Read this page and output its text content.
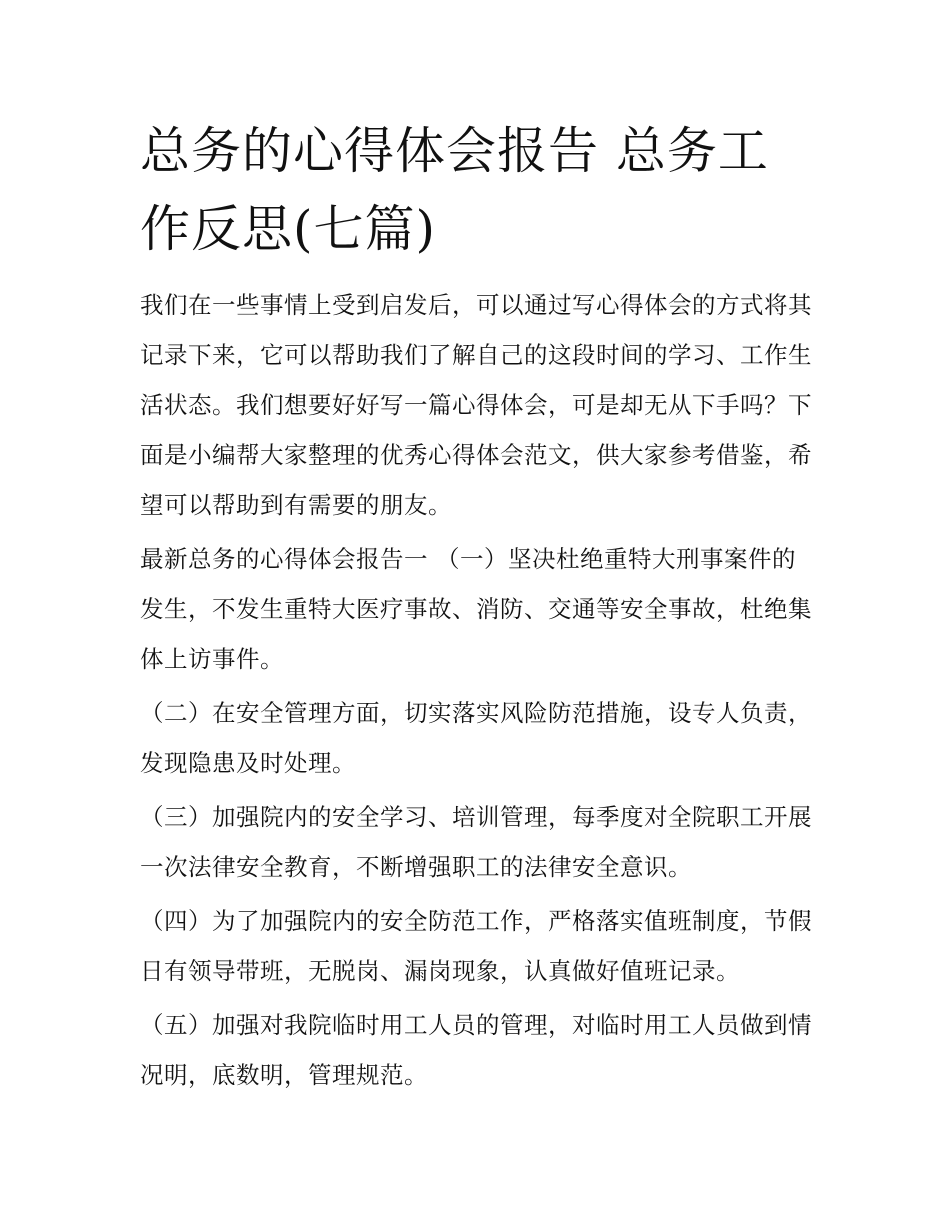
总务的心得体会报告 总务工作反思(七篇)

我们在一些事情上受到启发后，可以通过写心得体会的方式将其记录下来，它可以帮助我们了解自己的这段时间的学习、工作生活状态。我们想要好好写一篇心得体会，可是却无从下手吗？下面是小编帮大家整理的优秀心得体会范文，供大家参考借鉴，希望可以帮助到有需要的朋友。

最新总务的心得体会报告一 （一）坚决杜绝重特大刑事案件的发生，不发生重特大医疗事故、消防、交通等安全事故，杜绝集体上访事件。

（二）在安全管理方面，切实落实风险防范措施，设专人负责，发现隐患及时处理。

（三）加强院内的安全学习、培训管理，每季度对全院职工开展一次法律安全教育，不断增强职工的法律安全意识。

（四）为了加强院内的安全防范工作，严格落实值班制度，节假日有领导带班，无脱岗、漏岗现象，认真做好值班记录。

（五）加强对我院临时用工人员的管理，对临时用工人员做到情况明，底数明，管理规范。
